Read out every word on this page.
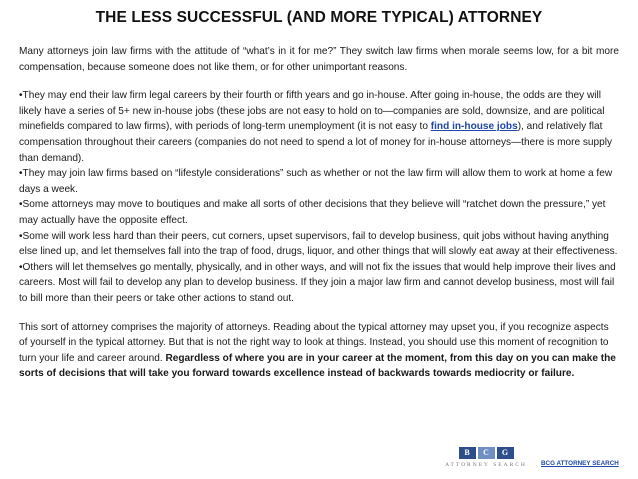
THE LESS SUCCESSFUL (AND MORE TYPICAL) ATTORNEY

Many attorneys join law firms with the attitude of “what’s in it for me?” They switch law firms when morale seems low, for a bit more compensation, because someone does not like them, or for other unimportant reasons.

•They may end their law firm legal careers by their fourth or fifth years and go in-house. After going in-house, the odds are they will likely have a series of 5+ new in-house jobs (these jobs are not easy to hold on to—companies are sold, downsize, and are political minefields compared to law firms), with periods of long-term unemployment (it is not easy to find in-house jobs), and relatively flat compensation throughout their careers (companies do not need to spend a lot of money for in-house attorneys—there is more supply than demand).

•They may join law firms based on “lifestyle considerations” such as whether or not the law firm will allow them to work at home a few days a week.

•Some attorneys may move to boutiques and make all sorts of other decisions that they believe will “ratchet down the pressure,” yet may actually have the opposite effect.

•Some will work less hard than their peers, cut corners, upset supervisors, fail to develop business, quit jobs without having anything else lined up, and let themselves fall into the trap of food, drugs, liquor, and other things that will slowly eat away at their effectiveness.

•Others will let themselves go mentally, physically, and in other ways, and will not fix the issues that would help improve their lives and careers. Most will fail to develop any plan to develop business. If they join a major law firm and cannot develop business, most will fail to bill more than their peers or take other actions to stand out.

This sort of attorney comprises the majority of attorneys. Reading about the typical attorney may upset you, if you recognize aspects of yourself in the typical attorney. But that is not the right way to look at things. Instead, you should use this moment of recognition to turn your life and career around. Regardless of where you are in your career at the moment, from this day on you can make the sorts of decisions that will take you forward towards excellence instead of backwards towards mediocrity or failure.

B	C	G
ATTORNEY SEARCH	BCG ATTORNEY SEARCH
